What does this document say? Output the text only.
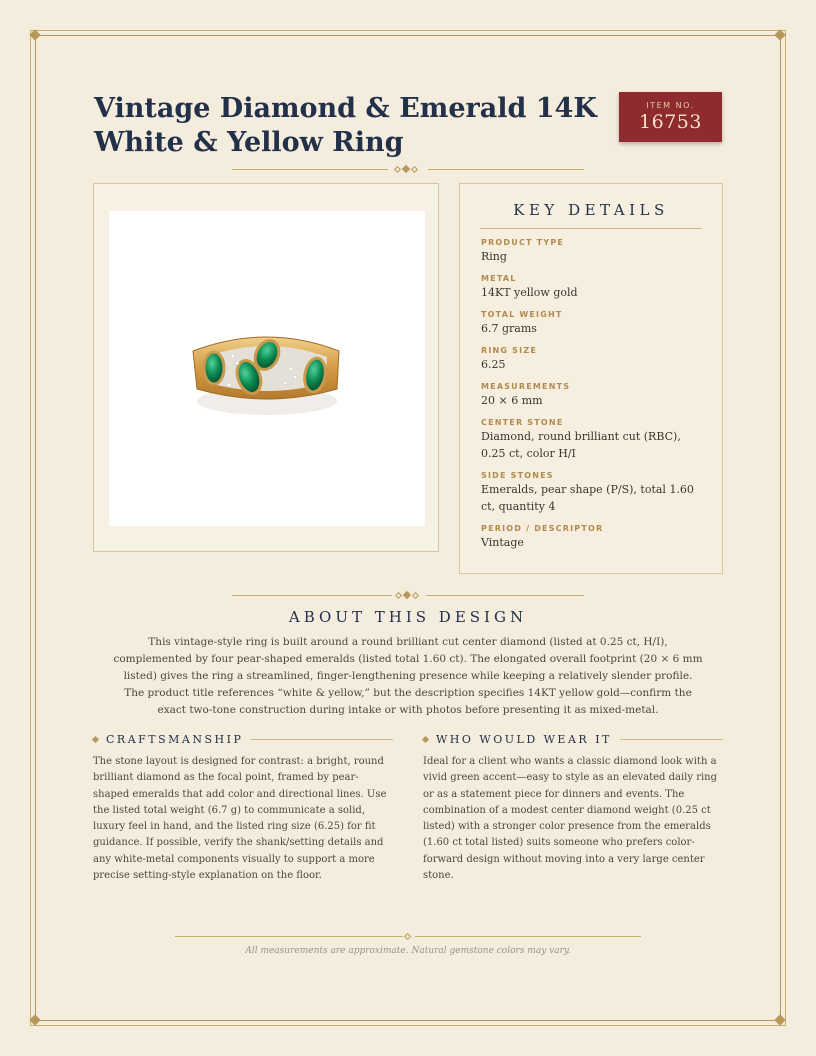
Vintage Diamond & Emerald 14K White & Yellow Ring
ITEM NO.
16753
KEY DETAILS
PRODUCT TYPE
Ring
METAL
14KT yellow gold
TOTAL WEIGHT
6.7 grams
RING SIZE
6.25
MEASUREMENTS
20 × 6 mm
CENTER STONE
Diamond, round brilliant cut (RBC), 0.25 ct, color H/I
SIDE STONES
Emeralds, pear shape (P/S), total 1.60 ct, quantity 4
PERIOD / DESCRIPTOR
Vintage
ABOUT THIS DESIGN

This vintage-style ring is built around a round brilliant cut center diamond (listed at 0.25 ct, H/I), complemented by four pear-shaped emeralds (listed total 1.60 ct). The elongated overall footprint (20 × 6 mm listed) gives the ring a streamlined, finger-lengthening presence while keeping a relatively slender profile. The product title references “white & yellow,” but the description specifies 14KT yellow gold—confirm the exact two-tone construction during intake or with photos before presenting it as mixed-metal.

CRAFTSMANSHIP

The stone layout is designed for contrast: a bright, round brilliant diamond as the focal point, framed by pear-shaped emeralds that add color and directional lines. Use the listed total weight (6.7 g) to communicate a solid, luxury feel in hand, and the listed ring size (6.25) for fit guidance. If possible, verify the shank/setting details and any white-metal components visually to support a more precise setting-style explanation on the floor.

WHO WOULD WEAR IT

Ideal for a client who wants a classic diamond look with a vivid green accent—easy to style as an elevated daily ring or as a statement piece for dinners and events. The combination of a modest center diamond weight (0.25 ct listed) with a stronger color presence from the emeralds (1.60 ct total listed) suits someone who prefers color-forward design without moving into a very large center stone.

All measurements are approximate. Natural gemstone colors may vary.
